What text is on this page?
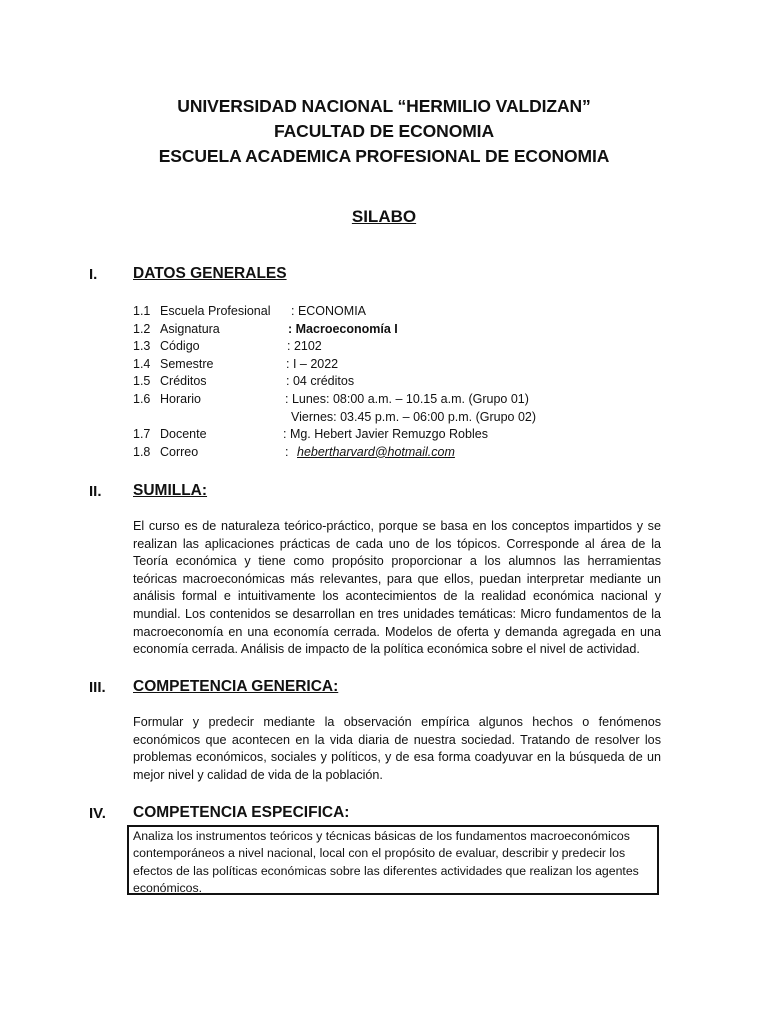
UNIVERSIDAD NACIONAL “HERMILIO VALDIZAN”
FACULTAD DE ECONOMIA
ESCUELA ACADEMICA PROFESIONAL DE ECONOMIA
SILABO
I. DATOS GENERALES
1.1 Escuela Profesional : ECONOMIA
1.2 Asignatura	: Macroeconomía I
1.3 Código	: 2102
1.4 Semestre	: I – 2022
1.5 Créditos	: 04 créditos
1.6 Horario	: Lunes: 08:00 a.m. – 10.15 a.m. (Grupo 01)
Viernes: 03.45 p.m. – 06:00 p.m. (Grupo 02)
1.7 Docente	: Mg. Hebert Javier Remuzgo Robles
1.8 Correo	: hebertharvard@hotmail.com
II. SUMILLA:
El curso es de naturaleza teórico-práctico, porque se basa en los conceptos impartidos y se realizan las aplicaciones prácticas de cada uno de los tópicos. Corresponde al área de la Teoría económica y tiene como propósito proporcionar a los alumnos las herramientas teóricas macroeconómicas más relevantes, para que ellos, puedan interpretar mediante un análisis formal e intuitivamente los acontecimientos de la realidad económica nacional y mundial. Los contenidos se desarrollan en tres unidades temáticas: Micro fundamentos de la macroeconomía en una economía cerrada. Modelos de oferta y demanda agregada en una economía cerrada. Análisis de impacto de la política económica sobre el nivel de actividad.
III. COMPETENCIA GENERICA:
Formular y predecir mediante la observación empírica algunos hechos o fenómenos económicos que acontecen en la vida diaria de nuestra sociedad. Tratando de resolver los problemas económicos, sociales y políticos, y de esa forma coadyuvar en la búsqueda de un mejor nivel y calidad de vida de la población.
IV. COMPETENCIA ESPECIFICA:
Analiza los instrumentos teóricos y técnicas básicas de los fundamentos macroeconómicos contemporáneos a nivel nacional, local con el propósito de evaluar, describir y predecir los efectos de las políticas económicas sobre las diferentes actividades que realizan los agentes económicos.
